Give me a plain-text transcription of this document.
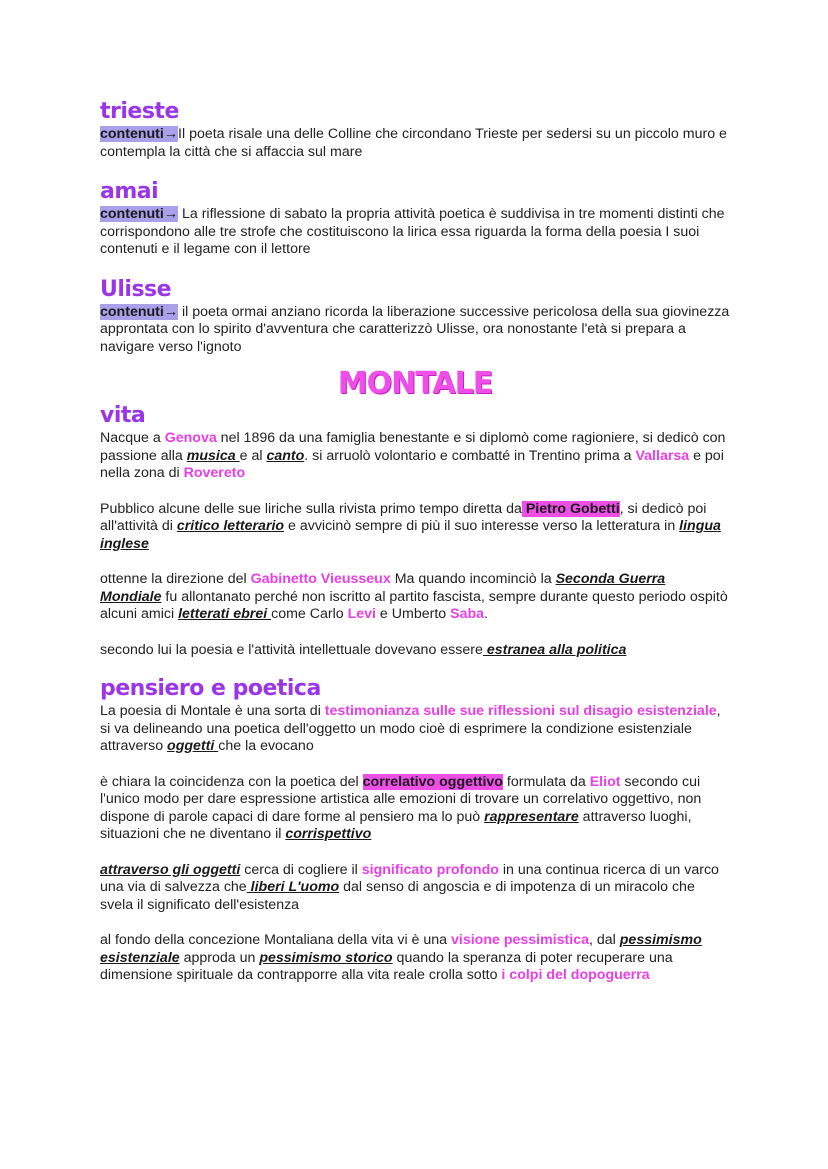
trieste

contenuti→Il poeta risale una delle Colline che circondano Trieste per sedersi su un piccolo muro e contempla la città che si affaccia sul mare

amai

contenuti→ La riflessione di sabato la propria attività poetica è suddivisa in tre momenti distinti che corrispondono alle tre strofe che costituiscono la lirica essa riguarda la forma della poesia I suoi contenuti e il legame con il lettore

Ulisse

contenuti→ il poeta ormai anziano ricorda la liberazione successive pericolosa della sua giovinezza approntata con lo spirito d'avventura che caratterizzò Ulisse, ora nonostante l'età si prepara a navigare verso l'ignoto

MONTALE
vita

Nacque a Genova nel 1896 da una famiglia benestante e si diplomò come ragioniere, si dedicò con passione alla musica e al canto. si arruolò volontario e combatté in Trentino prima a Vallarsa e poi nella zona di Rovereto

Pubblico alcune delle sue liriche sulla rivista primo tempo diretta da Pietro Gobetti, si dedicò poi all'attività di critico letterario e avvicinò sempre di più il suo interesse verso la letteratura in lingua inglese

ottenne la direzione del Gabinetto Vieusseux Ma quando incominciò la Seconda Guerra Mondiale fu allontanato perché non iscritto al partito fascista, sempre durante questo periodo ospitò alcuni amici letterati ebrei come Carlo Levi e Umberto Saba.

secondo lui la poesia e l'attività intellettuale dovevano essere estranea alla politica

pensiero e poetica

La poesia di Montale è una sorta di testimonianza sulle sue riflessioni sul disagio esistenziale, si va delineando una poetica dell'oggetto un modo cioè di esprimere la condizione esistenziale attraverso oggetti che la evocano

è chiara la coincidenza con la poetica del correlativo oggettivo formulata da Eliot secondo cui l'unico modo per dare espressione artistica alle emozioni di trovare un correlativo oggettivo, non dispone di parole capaci di dare forme al pensiero ma lo può rappresentare attraverso luoghi, situazioni che ne diventano il corrispettivo

attraverso gli oggetti cerca di cogliere il significato profondo in una continua ricerca di un varco una via di salvezza che liberi L'uomo dal senso di angoscia e di impotenza di un miracolo che svela il significato dell'esistenza

al fondo della concezione Montaliana della vita vi è una visione pessimistica, dal pessimismo esistenziale approda un pessimismo storico quando la speranza di poter recuperare una dimensione spirituale da contrapporre alla vita reale crolla sotto i colpi del dopoguerra
